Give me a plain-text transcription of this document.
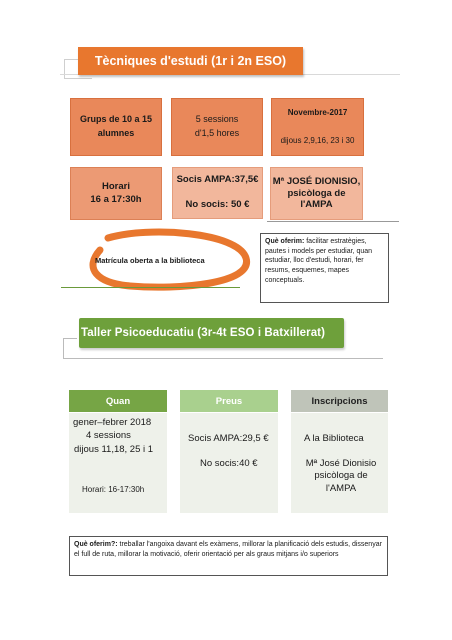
Tècniques d'estudi (1r i 2n ESO)
Grups de 10 a 15 alumnes
5 sessions
d'1,5 hores
Novembre-2017
dijous 2,9,16, 23 i 30
Horari
16 a 17:30h
Socis AMPA:37,5€
No socis: 50 €
Mª JOSÉ DIONISIO,
psicòloga de
l'AMPA
Matrícula oberta a la biblioteca
Què oferim: facilitar estratègies, pautes i models per estudiar, quan estudiar, lloc d'estudi, horari, fer resums, esquemes, mapes conceptuals.
Taller Psicoeducatiu (3r-4t ESO i Batxillerat)
Quan	Preus	Inscripcions
gener–febrer 2018
4 sessions
dijous 11,18, 25 i 1
Horari: 16-17:30h
Socis AMPA:29,5 €
No socis:40 €
A la Biblioteca
Mª José Dionisio psicòloga de l'AMPA
Què oferim?: treballar l'angoixa davant els exàmens, millorar la planificació dels estudis, dissenyar el full de ruta, millorar la motivació, oferir orientació per als graus mitjans i/o superiors
